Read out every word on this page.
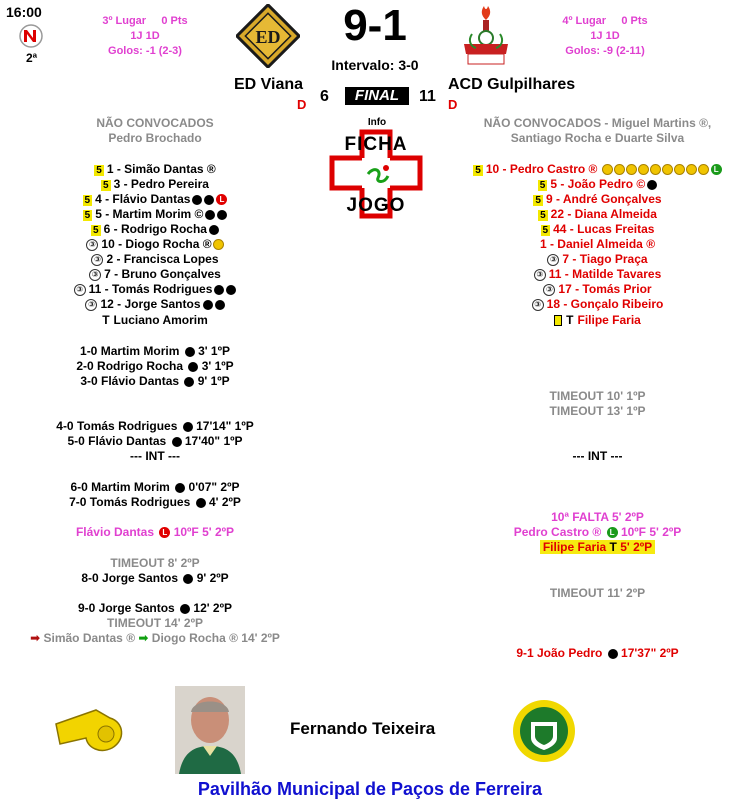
16:00
2ª
3º Lugar 0 Pts
1J 1D
Golos: -1 (2-3)
ED	9-1
Intervalo: 3-0
4º Lugar 0 Pts
1J 1D
Golos: -9 (2-11)
ED Viana	ACD Gulpilhares
D 6	FINAL	11 D
Info
FICHA
JOGO
NÃO CONVOCADOS
Pedro Brochado
NÃO CONVOCADOS - Miguel Martins ®,
Santiago Rocha e Duarte Silva
5 1 - Simão Dantas ®
5 3 - Pedro Pereira
5 4 - Flávio Dantas	L
5 5 - Martim Morim ©
5 6 - Rodrigo Rocha
③ 10 - Diogo Rocha ®
③ 2 - Francisca Lopes
③ 7 - Bruno Gonçalves
③ 11 - Tomás Rodrigues
③ 12 - Jorge Santos
T Luciano Amorim
5 10 - Pedro Castro ®	L
5 5 - João Pedro ©
5 9 - André Gonçalves
5 22 - Diana Almeida
5 44 - Lucas Freitas
1 - Daniel Almeida ®
③ 7 - Tiago Praça
③ 11 - Matilde Tavares
③ 17 - Tomás Prior
③ 18 - Gonçalo Ribeiro
T Filipe Faria
1-0 Martim Morim 3' 1ºP
2-0 Rodrigo Rocha 3' 1ºP
3-0 Flávio Dantas 9' 1ºP
4-0 Tomás Rodrigues 17'14" 1ºP
5-0 Flávio Dantas 17'40" 1ºP
--- INT ---
6-0 Martim Morim 0'07" 2ºP
7-0 Tomás Rodrigues 4' 2ºP
Flávio Dantas L 10ºF 5' 2ºP
TIMEOUT 8' 2ºP
8-0 Jorge Santos 9' 2ºP
9-0 Jorge Santos 12' 2ºP
TIMEOUT 14' 2ºP
➡ Simão Dantas ® ➡ Diogo Rocha ® 14' 2ºP
TIMEOUT 10' 1ºP
TIMEOUT 13' 1ºP
--- INT ---
10ª FALTA 5' 2ºP
Pedro Castro ® L 10ºF 5' 2ºP
Filipe Faria T 5' 2ºP
TIMEOUT 11' 2ºP
9-1 João Pedro 17'37" 2ºP
Fernando Teixeira
Pavilhão Municipal de Paços de Ferreira
